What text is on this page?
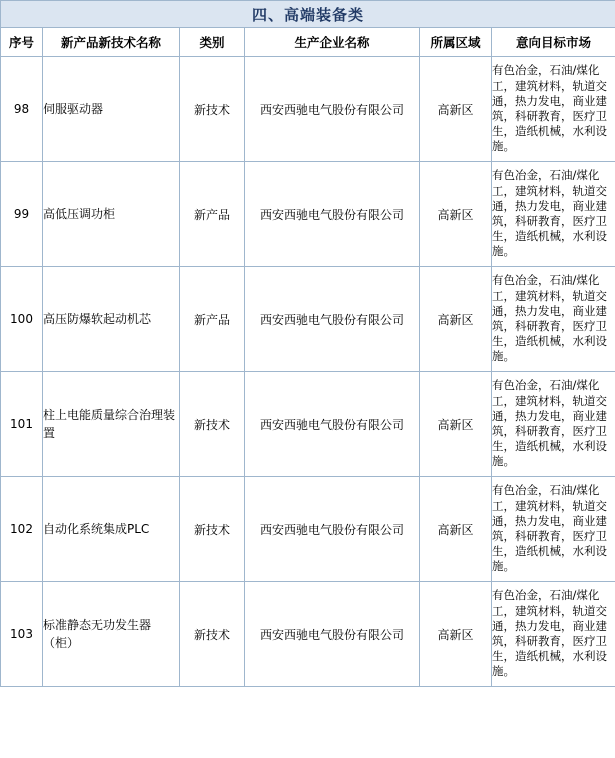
四、高端装备类					
序号	新产品新技术名称	类别	生产企业名称	所属区域	意向目标市场
98	伺服驱动器	新技术	西安西驰电气股份有限公司	高新区	有色冶金，石油/煤化工，建筑材料，轨道交通，热力发电，商业建筑，科研教育，医疗卫生，造纸机械，水利设施。
99	高低压调功柜	新产品	西安西驰电气股份有限公司	高新区	有色冶金，石油/煤化工，建筑材料，轨道交通，热力发电，商业建筑，科研教育，医疗卫生，造纸机械，水利设施。
100	高压防爆软起动机芯	新产品	西安西驰电气股份有限公司	高新区	有色冶金，石油/煤化工，建筑材料，轨道交通，热力发电，商业建筑，科研教育，医疗卫生，造纸机械，水利设施。
101	柱上电能质量综合治理装置	新技术	西安西驰电气股份有限公司	高新区	有色冶金，石油/煤化工，建筑材料，轨道交通，热力发电，商业建筑，科研教育，医疗卫生，造纸机械，水利设施。
102	自动化系统集成PLC	新技术	西安西驰电气股份有限公司	高新区	有色冶金，石油/煤化工，建筑材料，轨道交通，热力发电，商业建筑，科研教育，医疗卫生，造纸机械，水利设施。
103	标准静态无功发生器（柜）	新技术	西安西驰电气股份有限公司	高新区	有色冶金，石油/煤化工，建筑材料，轨道交通，热力发电，商业建筑，科研教育，医疗卫生，造纸机械，水利设施。
